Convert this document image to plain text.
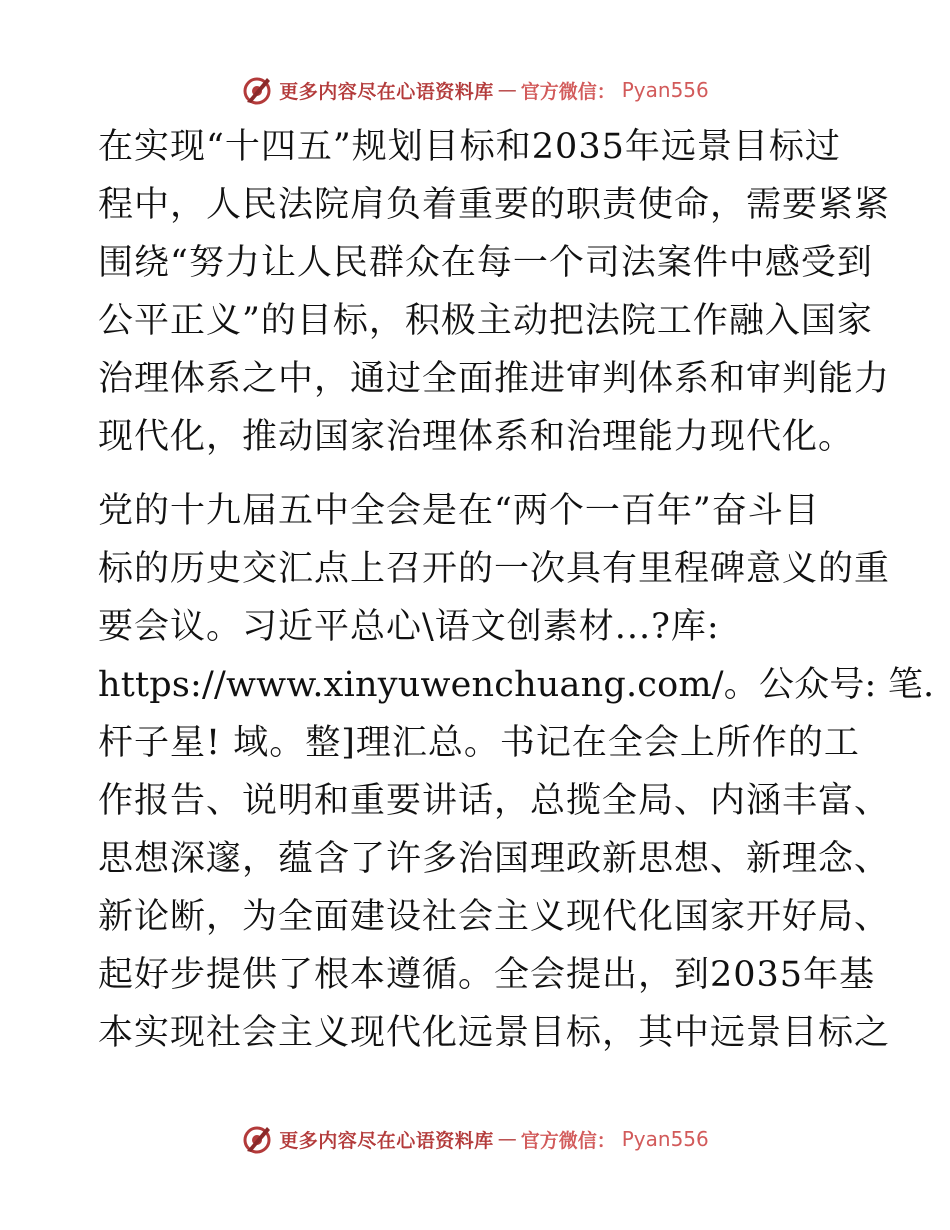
更多内容尽在心语资料库 — 官方微信： Pyan556
在实现“十四五”规划目标和2035年远景目标过
程中，人民法院肩负着重要的职责使命，需要紧紧
围绕“努力让人民群众在每一个司法案件中感受到
公平正义”的目标，积极主动把法院工作融入国家
治理体系之中，通过全面推进审判体系和审判能力
现代化，推动国家治理体系和治理能力现代化。
党的十九届五中全会是在“两个一百年”奋斗目
标的历史交汇点上召开的一次具有里程碑意义的重
要会议。习近平总心\语文创素材...?库:
https://www.xinyuwenchuang.com/。公众号: 笔.
杆子星! 域。整]理汇总。书记在全会上所作的工
作报告、说明和重要讲话，总揽全局、内涵丰富、
思想深邃，蕴含了许多治国理政新思想、新理念、
新论断，为全面建设社会主义现代化国家开好局、
起好步提供了根本遵循。全会提出，到2035年基
本实现社会主义现代化远景目标，其中远景目标之
更多内容尽在心语资料库 — 官方微信： Pyan556
